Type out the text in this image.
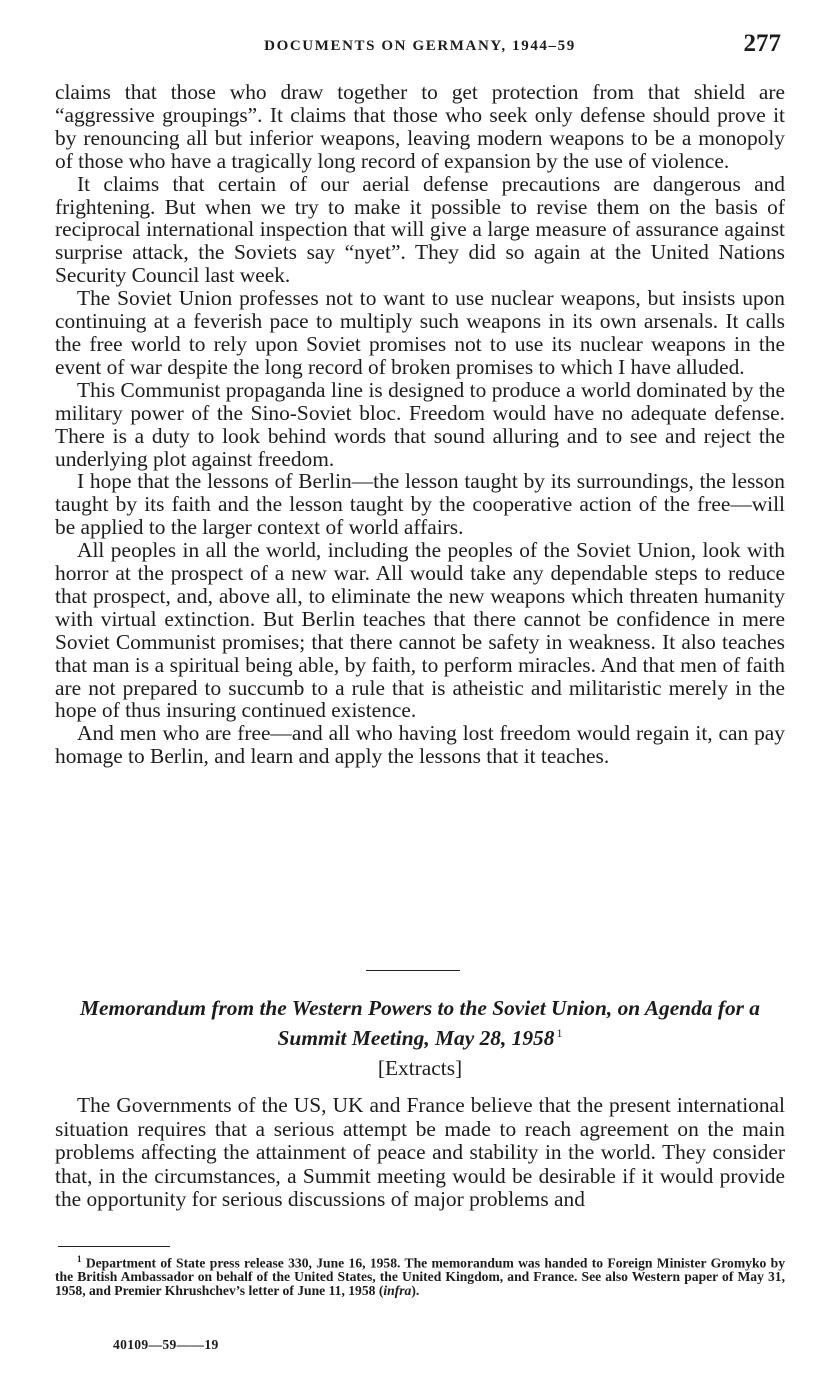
DOCUMENTS ON GERMANY, 1944–59	277

claims that those who draw together to get protection from that shield are “aggressive groupings”. It claims that those who seek only defense should prove it by renouncing all but inferior weapons, leaving modern weapons to be a monopoly of those who have a tragically long record of expansion by the use of violence.

It claims that certain of our aerial defense precautions are dangerous and frightening. But when we try to make it possible to revise them on the basis of reciprocal international inspection that will give a large measure of assurance against surprise attack, the Soviets say “nyet”. They did so again at the United Nations Security Council last week.

The Soviet Union professes not to want to use nuclear weapons, but insists upon continuing at a feverish pace to multiply such weapons in its own arsenals. It calls the free world to rely upon Soviet promises not to use its nuclear weapons in the event of war despite the long record of broken promises to which I have alluded.

This Communist propaganda line is designed to produce a world dominated by the military power of the Sino-Soviet bloc. Freedom would have no adequate defense. There is a duty to look behind words that sound alluring and to see and reject the underlying plot against freedom.

I hope that the lessons of Berlin—the lesson taught by its surroundings, the lesson taught by its faith and the lesson taught by the cooperative action of the free—will be applied to the larger context of world affairs.

All peoples in all the world, including the peoples of the Soviet Union, look with horror at the prospect of a new war. All would take any dependable steps to reduce that prospect, and, above all, to eliminate the new weapons which threaten humanity with virtual extinction. But Berlin teaches that there cannot be confidence in mere Soviet Communist promises; that there cannot be safety in weakness. It also teaches that man is a spiritual being able, by faith, to perform miracles. And that men of faith are not prepared to succumb to a rule that is atheistic and militaristic merely in the hope of thus insuring continued existence.

And men who are free—and all who having lost freedom would regain it, can pay homage to Berlin, and learn and apply the lessons that it teaches.

Memorandum from the Western Powers to the Soviet Union, on Agenda for a Summit Meeting, May 28, 1958 $^1$
[Extracts]

The Governments of the US, UK and France believe that the present international situation requires that a serious attempt be made to reach agreement on the main problems affecting the attainment of peace and stability in the world. They consider that, in the circumstances, a Summit meeting would be desirable if it would provide the opportunity for serious discussions of major problems and

$^1$ Department of State press release 330, June 16, 1958. The memorandum was handed to Foreign Minister Gromyko by the British Ambassador on behalf of the United States, the United Kingdom, and France. See also Western paper of May 31, 1958, and Premier Khrushchev’s letter of June 11, 1958 (infra).

40109—59——19
